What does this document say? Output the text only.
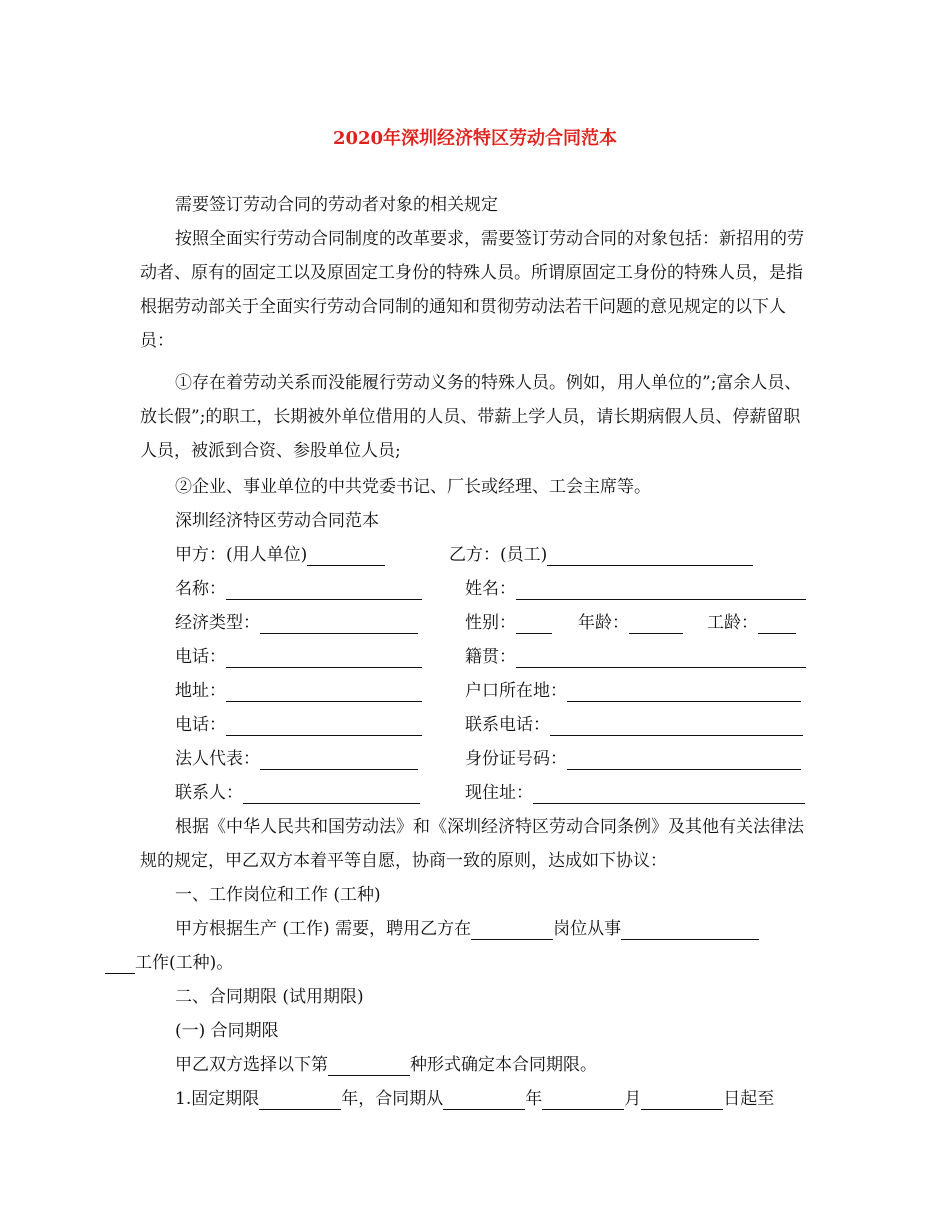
2020年深圳经济特区劳动合同范本

需要签订劳动合同的劳动者对象的相关规定

按照全面实行劳动合同制度的改革要求，需要签订劳动合同的对象包括：新招用的劳动者、原有的固定工以及原固定工身份的特殊人员。所谓原固定工身份的特殊人员，是指根据劳动部关于全面实行劳动合同制的通知和贯彻劳动法若干问题的意见规定的以下人员：

①存在着劳动关系而没能履行劳动义务的特殊人员。例如，用人单位的”;富余人员、放长假”;的职工，长期被外单位借用的人员、带薪上学人员，请长期病假人员、停薪留职人员，被派到合资、参股单位人员;

②企业、事业单位的中共党委书记、厂长或经理、工会主席等。

深圳经济特区劳动合同范本

甲方：(用人单位)	乙方：(员工)
名称：	姓名：
经济类型：	性别：	年龄：	工龄：
电话：	籍贯：
地址：	户口所在地：
电话：	联系电话：
法人代表：	身份证号码：
联系人：	现住址：

根据《中华人民共和国劳动法》和《深圳经济特区劳动合同条例》及其他有关法律法规的规定，甲乙双方本着平等自愿，协商一致的原则，达成如下协议：

一、工作岗位和工作 (工种)

甲方根据生产 (工作) 需要，聘用乙方在	岗位从事
工作(工种)。

二、合同期限 (试用期限)

(一) 合同期限

甲乙双方选择以下第	种形式确定本合同期限。
1.固定期限	年，合同期从	年	月	日起至
